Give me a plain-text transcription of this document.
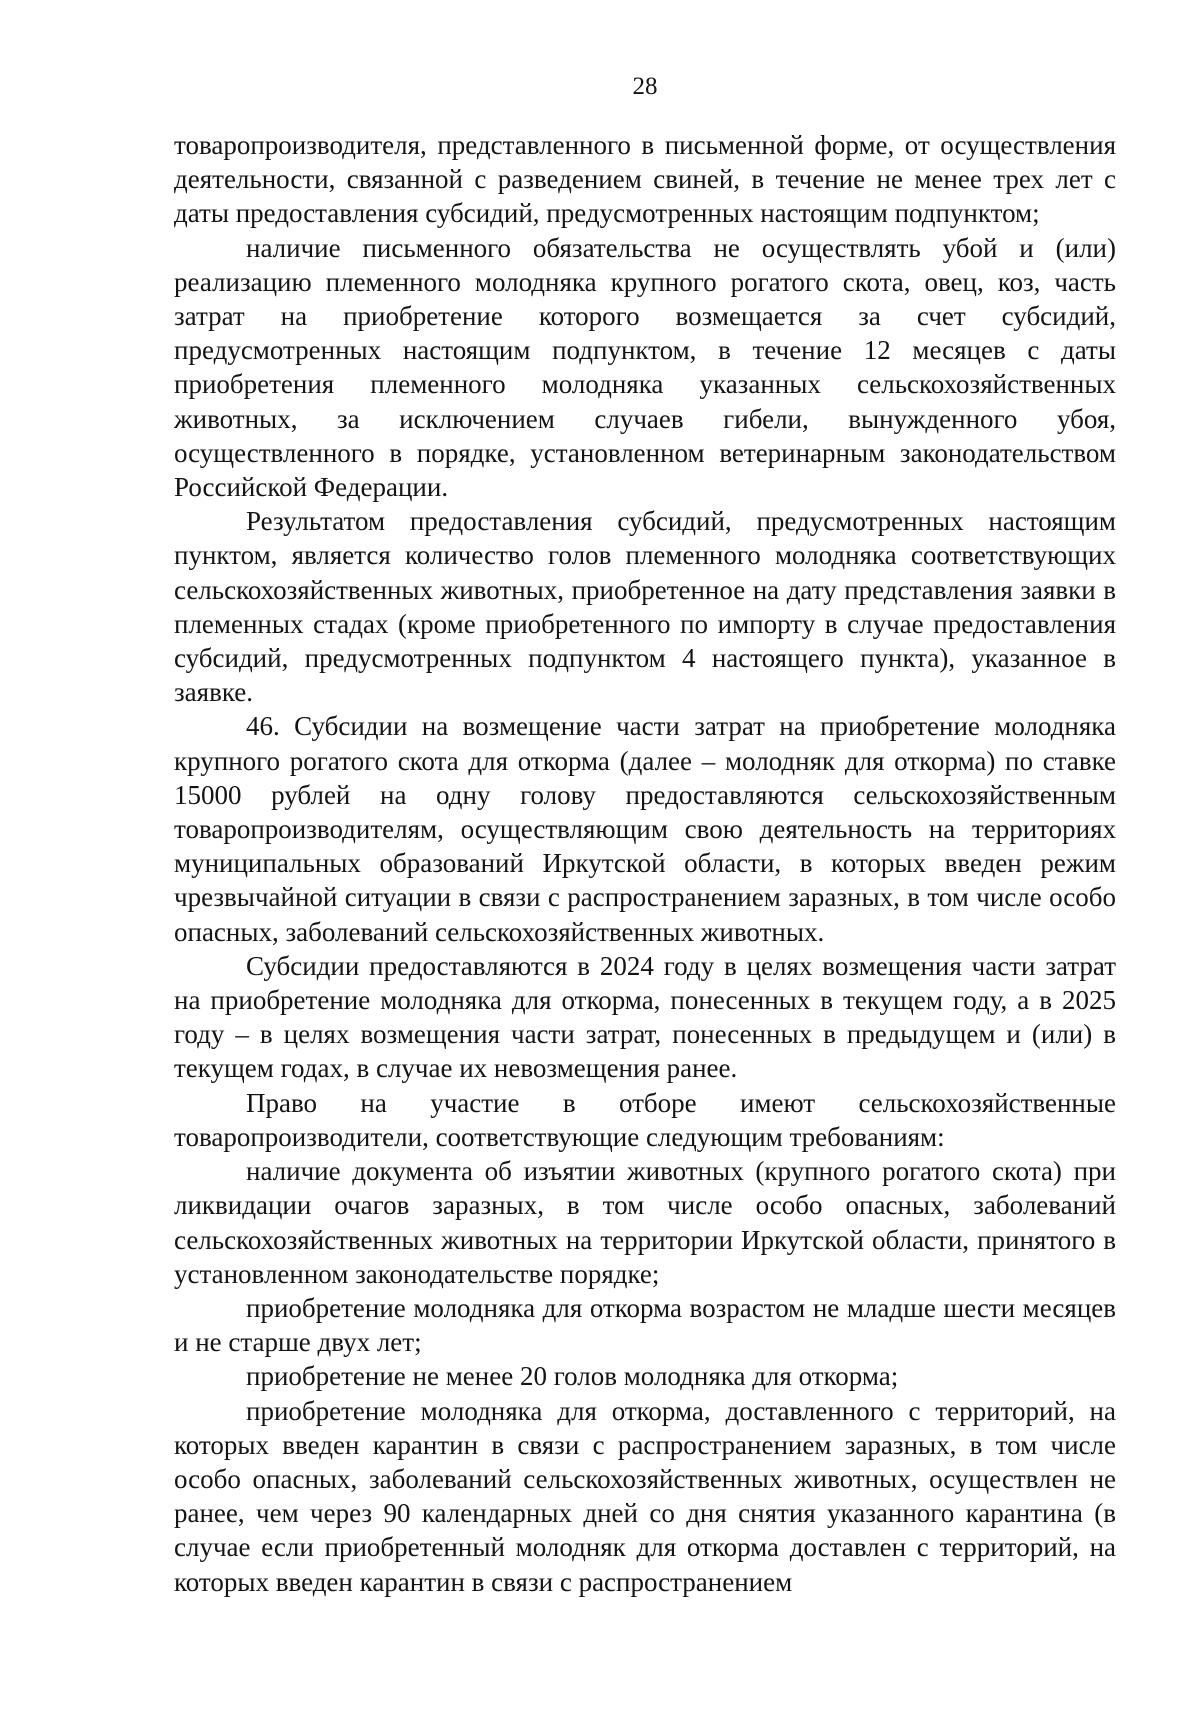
28

товаропроизводителя, представленного в письменной форме, от осуществления деятельности, связанной с разведением свиней, в течение не менее трех лет с даты предоставления субсидий, предусмотренных настоящим подпунктом;

наличие письменного обязательства не осуществлять убой и (или) реализацию племенного молодняка крупного рогатого скота, овец, коз, часть затрат на приобретение которого возмещается за счет субсидий, предусмотренных настоящим подпунктом, в течение 12 месяцев с даты приобретения племенного молодняка указанных сельскохозяйственных животных, за исключением случаев гибели, вынужденного убоя, осуществленного в порядке, установленном ветеринарным законодательством Российской Федерации.

Результатом предоставления субсидий, предусмотренных настоящим пунктом, является количество голов племенного молодняка соответствующих сельскохозяйственных животных, приобретенное на дату представления заявки в племенных стадах (кроме приобретенного по импорту в случае предоставления субсидий, предусмотренных подпунктом 4 настоящего пункта), указанное в заявке.

46. Субсидии на возмещение части затрат на приобретение молодняка крупного рогатого скота для откорма (далее – молодняк для откорма) по ставке 15000 рублей на одну голову предоставляются сельскохозяйственным товаропроизводителям, осуществляющим свою деятельность на территориях муниципальных образований Иркутской области, в которых введен режим чрезвычайной ситуации в связи с распространением заразных, в том числе особо опасных, заболеваний сельскохозяйственных животных.

Субсидии предоставляются в 2024 году в целях возмещения части затрат на приобретение молодняка для откорма, понесенных в текущем году, а в 2025 году – в целях возмещения части затрат, понесенных в предыдущем и (или) в текущем годах, в случае их невозмещения ранее.

Право на участие в отборе имеют сельскохозяйственные товаропроизводители, соответствующие следующим требованиям:

наличие документа об изъятии животных (крупного рогатого скота) при ликвидации очагов заразных, в том числе особо опасных, заболеваний сельскохозяйственных животных на территории Иркутской области, принятого в установленном законодательстве порядке;

приобретение молодняка для откорма возрастом не младше шести месяцев и не старше двух лет;

приобретение не менее 20 голов молодняка для откорма;

приобретение молодняка для откорма, доставленного с территорий, на которых введен карантин в связи с распространением заразных, в том числе особо опасных, заболеваний сельскохозяйственных животных, осуществлен не ранее, чем через 90 календарных дней со дня снятия указанного карантина (в случае если приобретенный молодняк для откорма доставлен с территорий, на которых введен карантин в связи с распространением
